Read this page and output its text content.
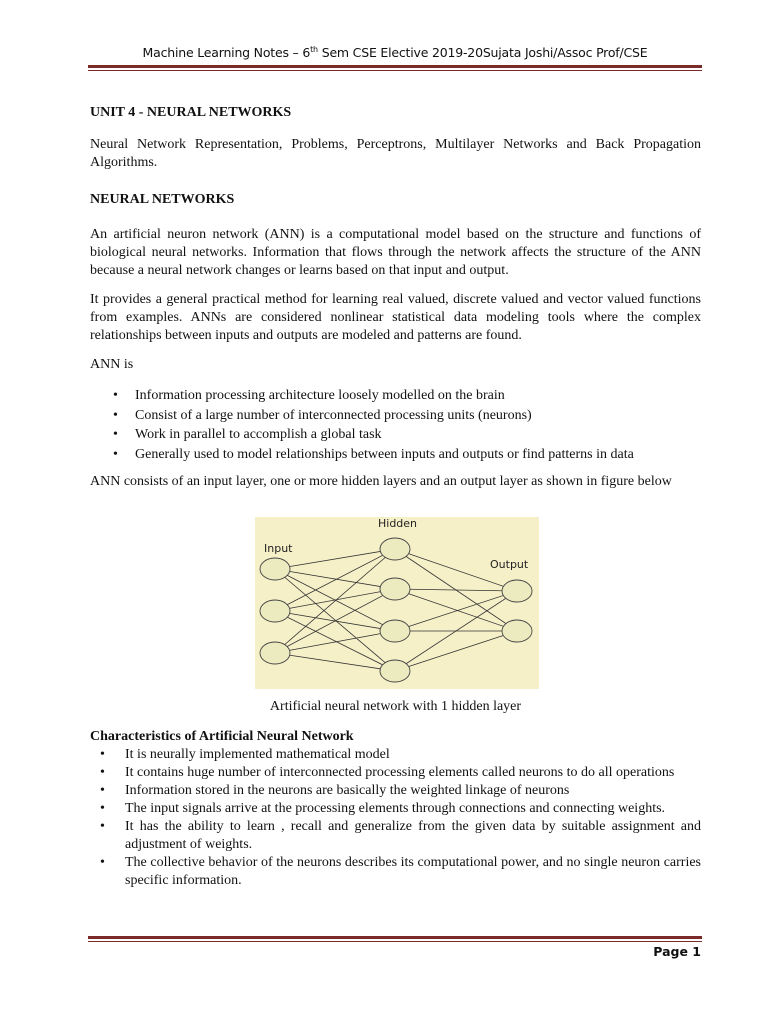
Machine Learning Notes – 6th Sem CSE Elective 2019-20Sujata Joshi/Assoc Prof/CSE
UNIT 4 - NEURAL NETWORKS

Neural Network Representation, Problems, Perceptrons, Multilayer Networks and Back Propagation Algorithms.

NEURAL NETWORKS

An artificial neuron network (ANN) is a computational model based on the structure and functions of biological neural networks. Information that flows through the network affects the structure of the ANN because a neural network changes or learns based on that input and output.

It provides a general practical method for learning real valued, discrete valued and vector valued functions from examples. ANNs are considered nonlinear statistical data modeling tools where the complex relationships between inputs and outputs are modeled and patterns are found.

ANN is

• Information processing architecture loosely modelled on the brain
• Consist of a large number of interconnected processing units (neurons)
• Work in parallel to accomplish a global task
• Generally used to model relationships between inputs and outputs or find patterns in data

ANN consists of an input layer, one or more hidden layers and an output layer as shown in figure below

Input
Hidden
Output
Artificial neural network with 1 hidden layer
Characteristics of Artificial Neural Network
• It is neurally implemented mathematical model
• It contains huge number of interconnected processing elements called neurons to do all operations
• Information stored in the neurons are basically the weighted linkage of neurons
• The input signals arrive at the processing elements through connections and connecting weights.
• It has the ability to learn , recall and generalize from the given data by suitable assignment and adjustment of weights.
• The collective behavior of the neurons describes its computational power, and no single neuron carries specific information.
Page 1
